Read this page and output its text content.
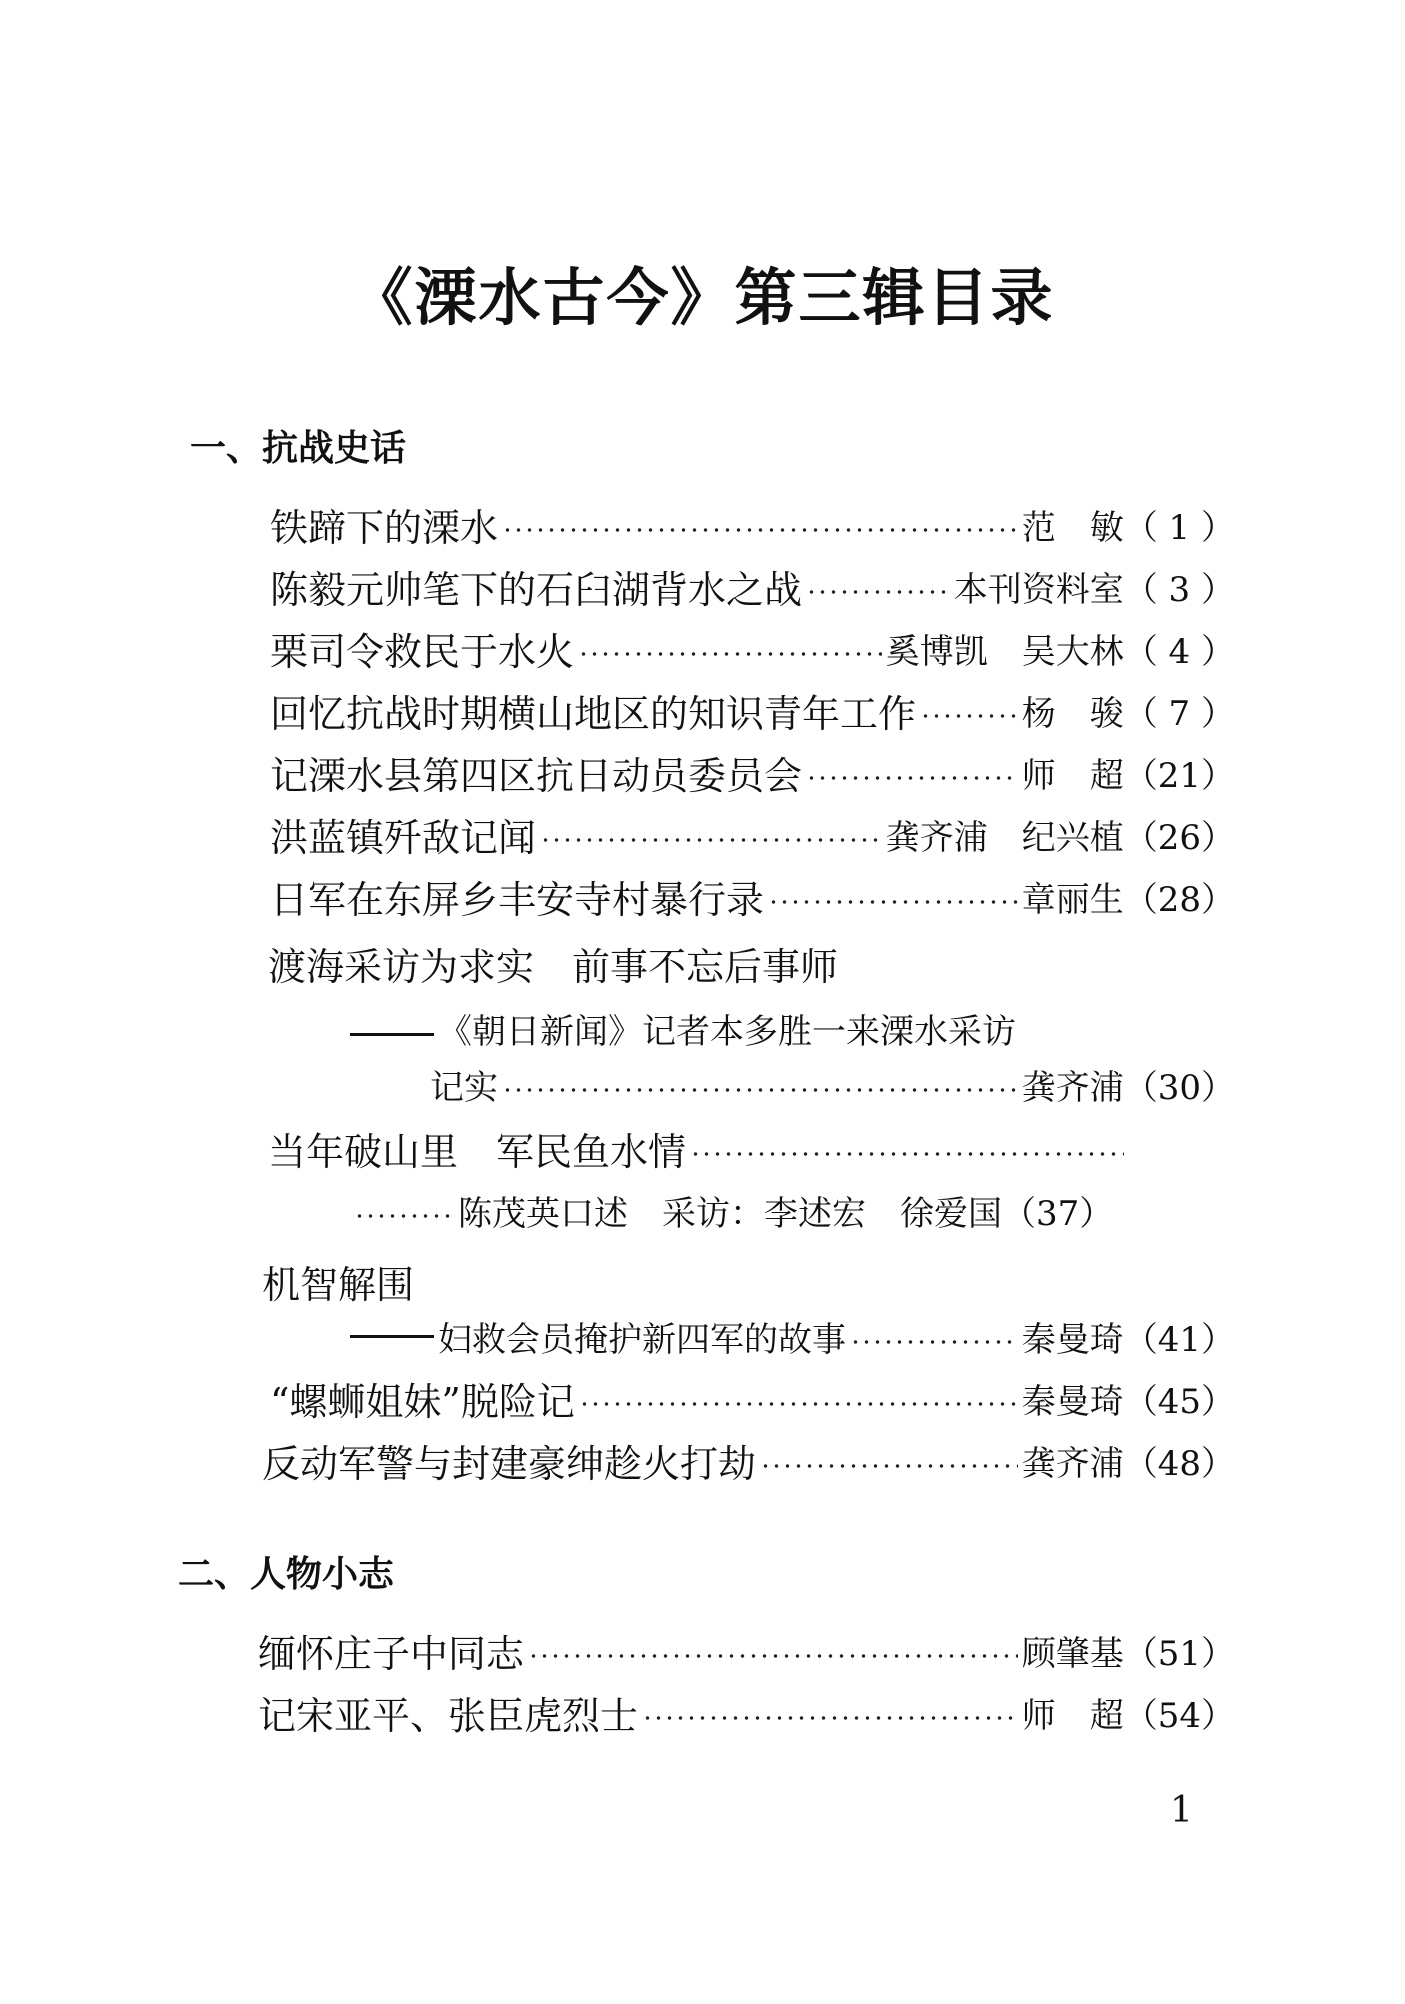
《溧水古今》第三辑目录
一、抗战史话
铁蹄下的溧水	范　敏 （ 1 ）
陈毅元帅笔下的石臼湖背水之战	本刊资料室 （ 3 ）
栗司令救民于水火	奚博凯　吴大林 （ 4 ）
回忆抗战时期横山地区的知识青年工作	杨　骏 （ 7 ）
记溧水县第四区抗日动员委员会	师　超 （21）
洪蓝镇歼敌记闻	龚齐浦　纪兴植 （26）
日军在东屏乡丰安寺村暴行录	章丽生 （28）
渡海采访为求实　前事不忘后事师
《朝日新闻》记者本多胜一来溧水采访
记实	龚齐浦 （30）
当年破山里　军民鱼水情
陈茂英口述　采访：李述宏　徐爱国 （37）
机智解围
妇救会员掩护新四军的故事	秦曼琦 （41）
“螺蛳姐妹”脱险记	秦曼琦 （45）
反动军警与封建豪绅趁火打劫	龚齐浦 （48）
二、人物小志
缅怀庄子中同志	顾肇基 （51）
记宋亚平、张臣虎烈士	师　超 （54）
1
